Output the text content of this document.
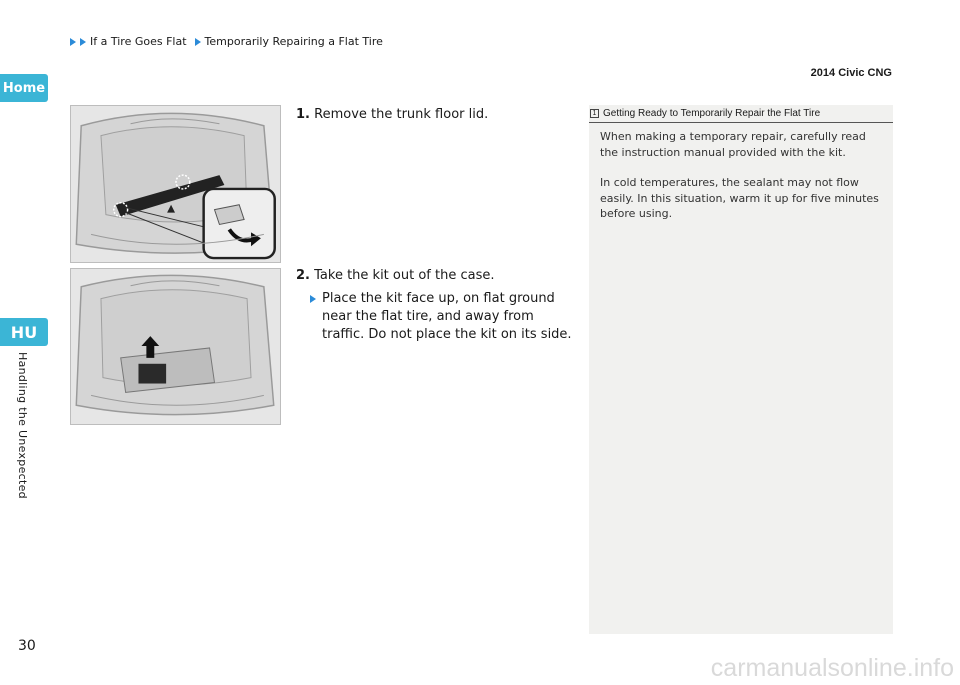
If a Tire Goes Flat Temporarily Repairing a Flat Tire
2014 Civic CNG
Home
HU
Handling the Unexpected
1. Remove the trunk floor lid.
2. Take the kit out of the case.
Place the kit face up, on flat ground near the flat tire, and away from traffic. Do not place the kit on its side.
1 Getting Ready to Temporarily Repair the Flat Tire

When making a temporary repair, carefully read the instruction manual provided with the kit.

In cold temperatures, the sealant may not flow easily. In this situation, warm it up for five minutes before using.

30
carmanualsonline.info
